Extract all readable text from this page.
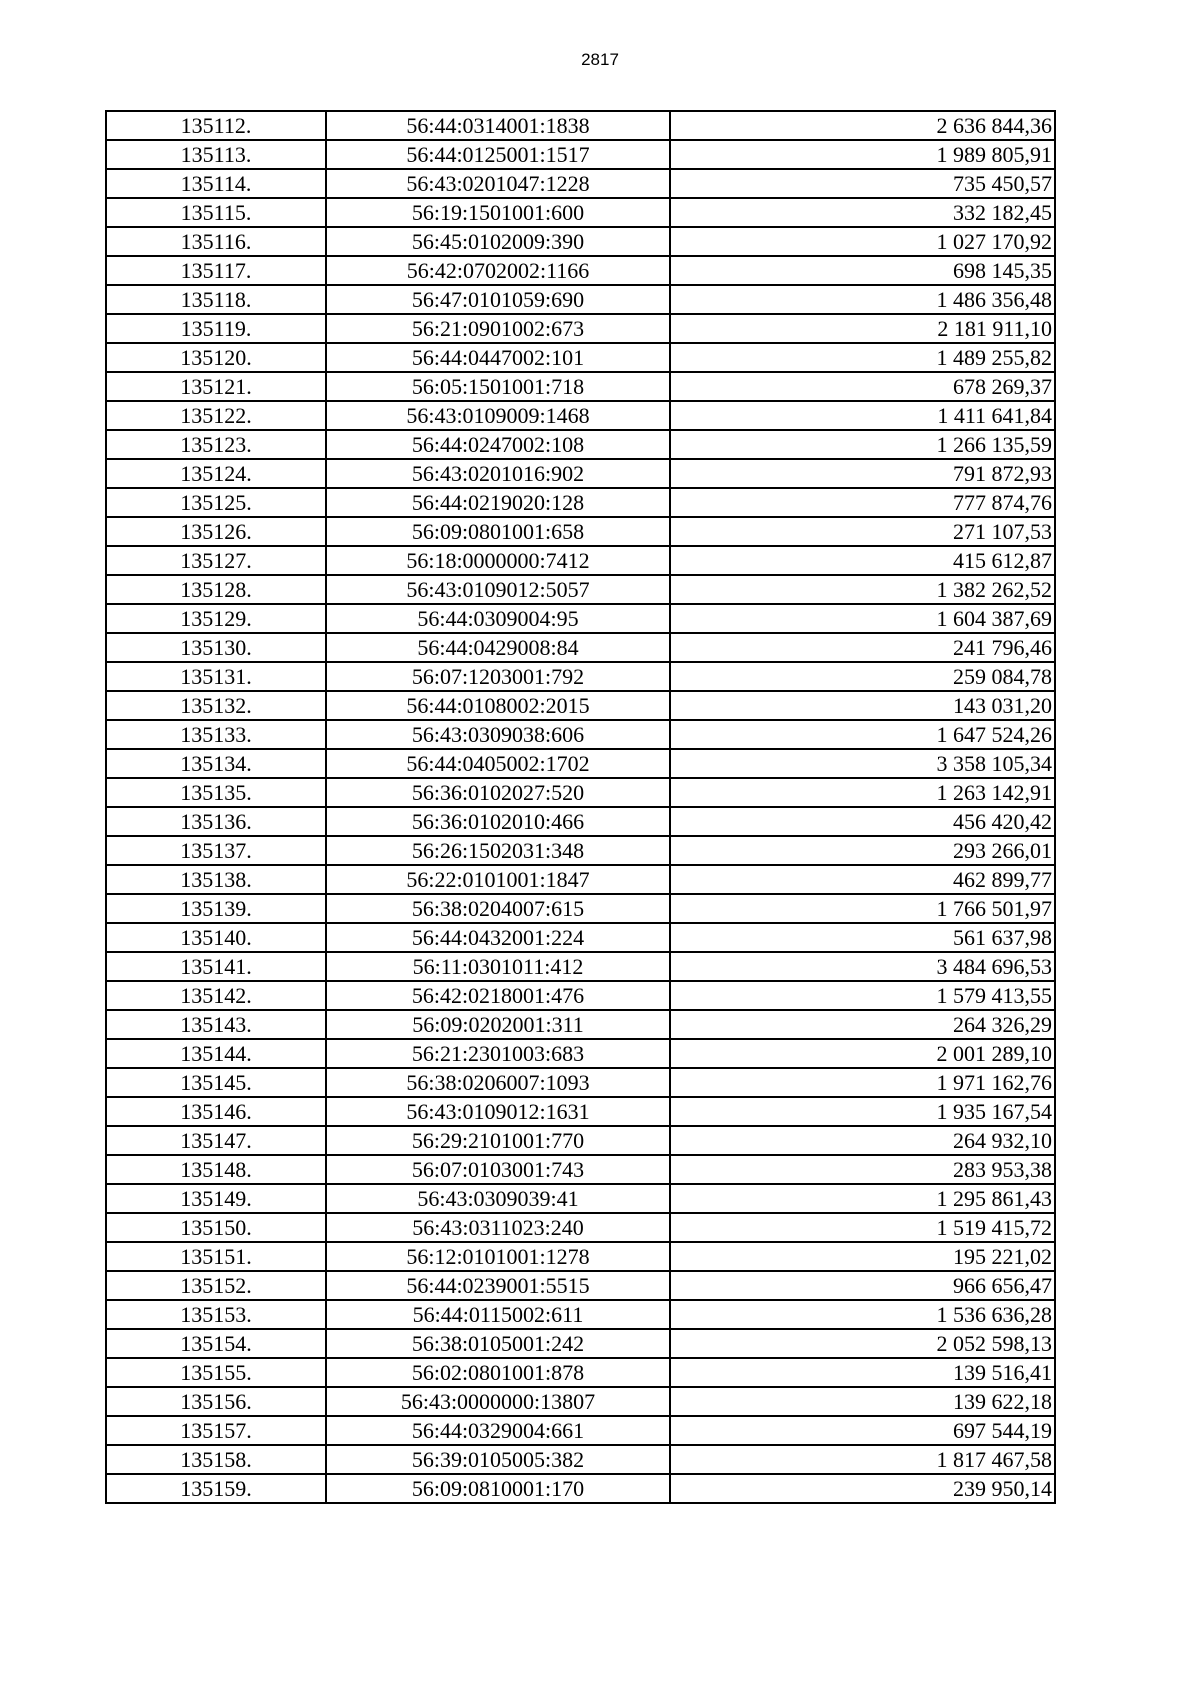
2817
135112.	56:44:0314001:1838	2 636 844,36
135113.	56:44:0125001:1517	1 989 805,91
135114.	56:43:0201047:1228	735 450,57
135115.	56:19:1501001:600	332 182,45
135116.	56:45:0102009:390	1 027 170,92
135117.	56:42:0702002:1166	698 145,35
135118.	56:47:0101059:690	1 486 356,48
135119.	56:21:0901002:673	2 181 911,10
135120.	56:44:0447002:101	1 489 255,82
135121.	56:05:1501001:718	678 269,37
135122.	56:43:0109009:1468	1 411 641,84
135123.	56:44:0247002:108	1 266 135,59
135124.	56:43:0201016:902	791 872,93
135125.	56:44:0219020:128	777 874,76
135126.	56:09:0801001:658	271 107,53
135127.	56:18:0000000:7412	415 612,87
135128.	56:43:0109012:5057	1 382 262,52
135129.	56:44:0309004:95	1 604 387,69
135130.	56:44:0429008:84	241 796,46
135131.	56:07:1203001:792	259 084,78
135132.	56:44:0108002:2015	143 031,20
135133.	56:43:0309038:606	1 647 524,26
135134.	56:44:0405002:1702	3 358 105,34
135135.	56:36:0102027:520	1 263 142,91
135136.	56:36:0102010:466	456 420,42
135137.	56:26:1502031:348	293 266,01
135138.	56:22:0101001:1847	462 899,77
135139.	56:38:0204007:615	1 766 501,97
135140.	56:44:0432001:224	561 637,98
135141.	56:11:0301011:412	3 484 696,53
135142.	56:42:0218001:476	1 579 413,55
135143.	56:09:0202001:311	264 326,29
135144.	56:21:2301003:683	2 001 289,10
135145.	56:38:0206007:1093	1 971 162,76
135146.	56:43:0109012:1631	1 935 167,54
135147.	56:29:2101001:770	264 932,10
135148.	56:07:0103001:743	283 953,38
135149.	56:43:0309039:41	1 295 861,43
135150.	56:43:0311023:240	1 519 415,72
135151.	56:12:0101001:1278	195 221,02
135152.	56:44:0239001:5515	966 656,47
135153.	56:44:0115002:611	1 536 636,28
135154.	56:38:0105001:242	2 052 598,13
135155.	56:02:0801001:878	139 516,41
135156.	56:43:0000000:13807	139 622,18
135157.	56:44:0329004:661	697 544,19
135158.	56:39:0105005:382	1 817 467,58
135159.	56:09:0810001:170	239 950,14
